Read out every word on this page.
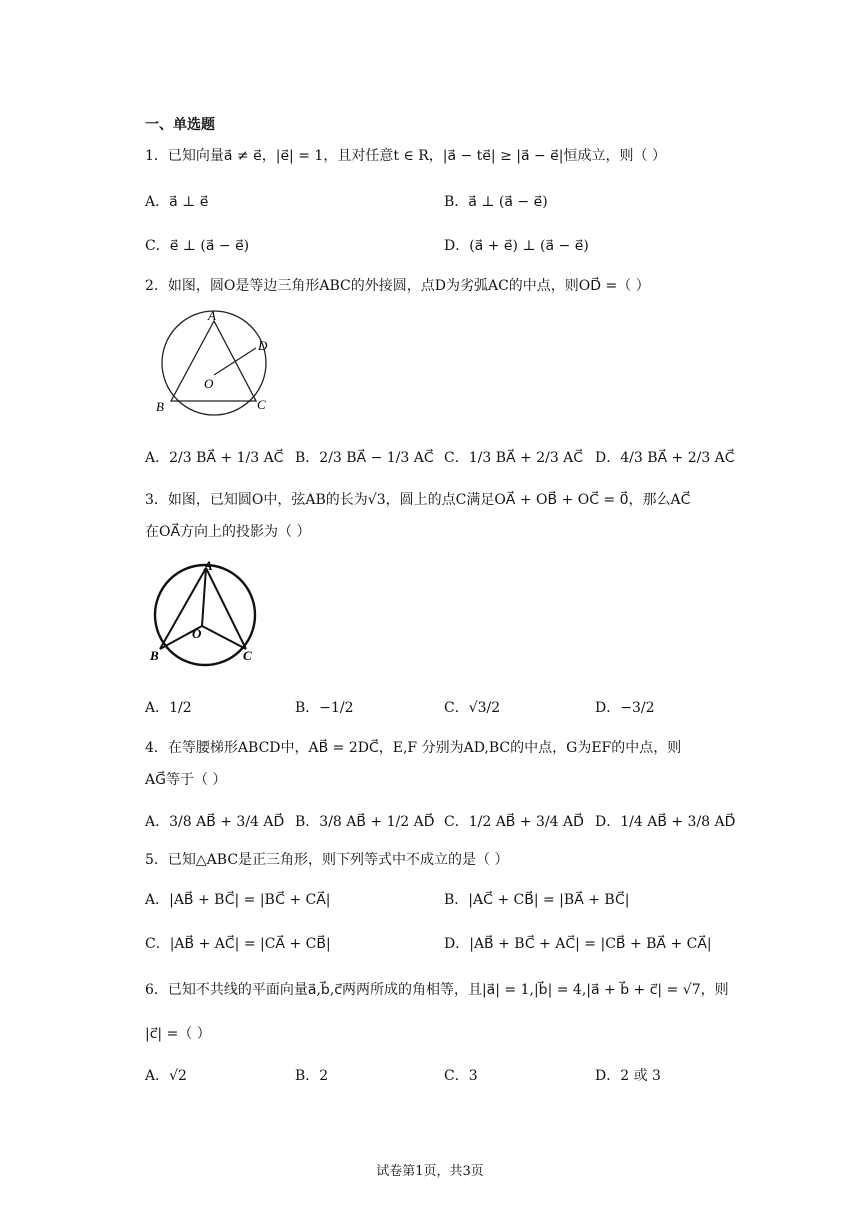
一、单选题
1．已知向量a⃗ ≠ e⃗，|e⃗| = 1，且对任意t ∈ R，|a⃗ − te⃗| ≥ |a⃗ − e⃗|恒成立，则（ ）
A．a⃗ ⊥ e⃗	B．a⃗ ⊥ (a⃗ − e⃗)
C．e⃗ ⊥ (a⃗ − e⃗)	D．(a⃗ + e⃗) ⊥ (a⃗ − e⃗)
2．如图，圆O是等边三角形ABC的外接圆，点D为劣弧AC的中点，则OD⃗ =（ ）
A
D
O
B	C
A．2/3 BA⃗ + 1/3 AC⃗ B．2/3 BA⃗ − 1/3 AC⃗ C．1/3 BA⃗ + 2/3 AC⃗ D．4/3 BA⃗ + 2/3 AC⃗
3．如图，已知圆O中，弦AB的长为√3，圆上的点C满足OA⃗ + OB⃗ + OC⃗ = 0⃗，那么AC⃗
在OA⃗方向上的投影为（ ）
A
O
B	C
A．1/2	B．−1/2	C．√3/2	D．−3/2
4．在等腰梯形ABCD中，AB⃗ = 2DC⃗，E,F 分别为AD,BC的中点，G为EF的中点，则
AG⃗等于（ ）
A．3/8 AB⃗ + 3/4 AD⃗ B．3/8 AB⃗ + 1/2 AD⃗ C．1/2 AB⃗ + 3/4 AD⃗ D．1/4 AB⃗ + 3/8 AD⃗
5．已知△ABC是正三角形，则下列等式中不成立的是（ ）
A．|AB⃗ + BC⃗| = |BC⃗ + CA⃗|	B．|AC⃗ + CB⃗| = |BA⃗ + BC⃗|
C．|AB⃗ + AC⃗| = |CA⃗ + CB⃗|	D．|AB⃗ + BC⃗ + AC⃗| = |CB⃗ + BA⃗ + CA⃗|
6．已知不共线的平面向量a⃗,b⃗,c⃗两两所成的角相等，且|a⃗| = 1,|b⃗| = 4,|a⃗ + b⃗ + c⃗| = √7，则
|c⃗| =（ ）
A．√2	B．2	C．3	D．2 或 3
试卷第1页，共3页
